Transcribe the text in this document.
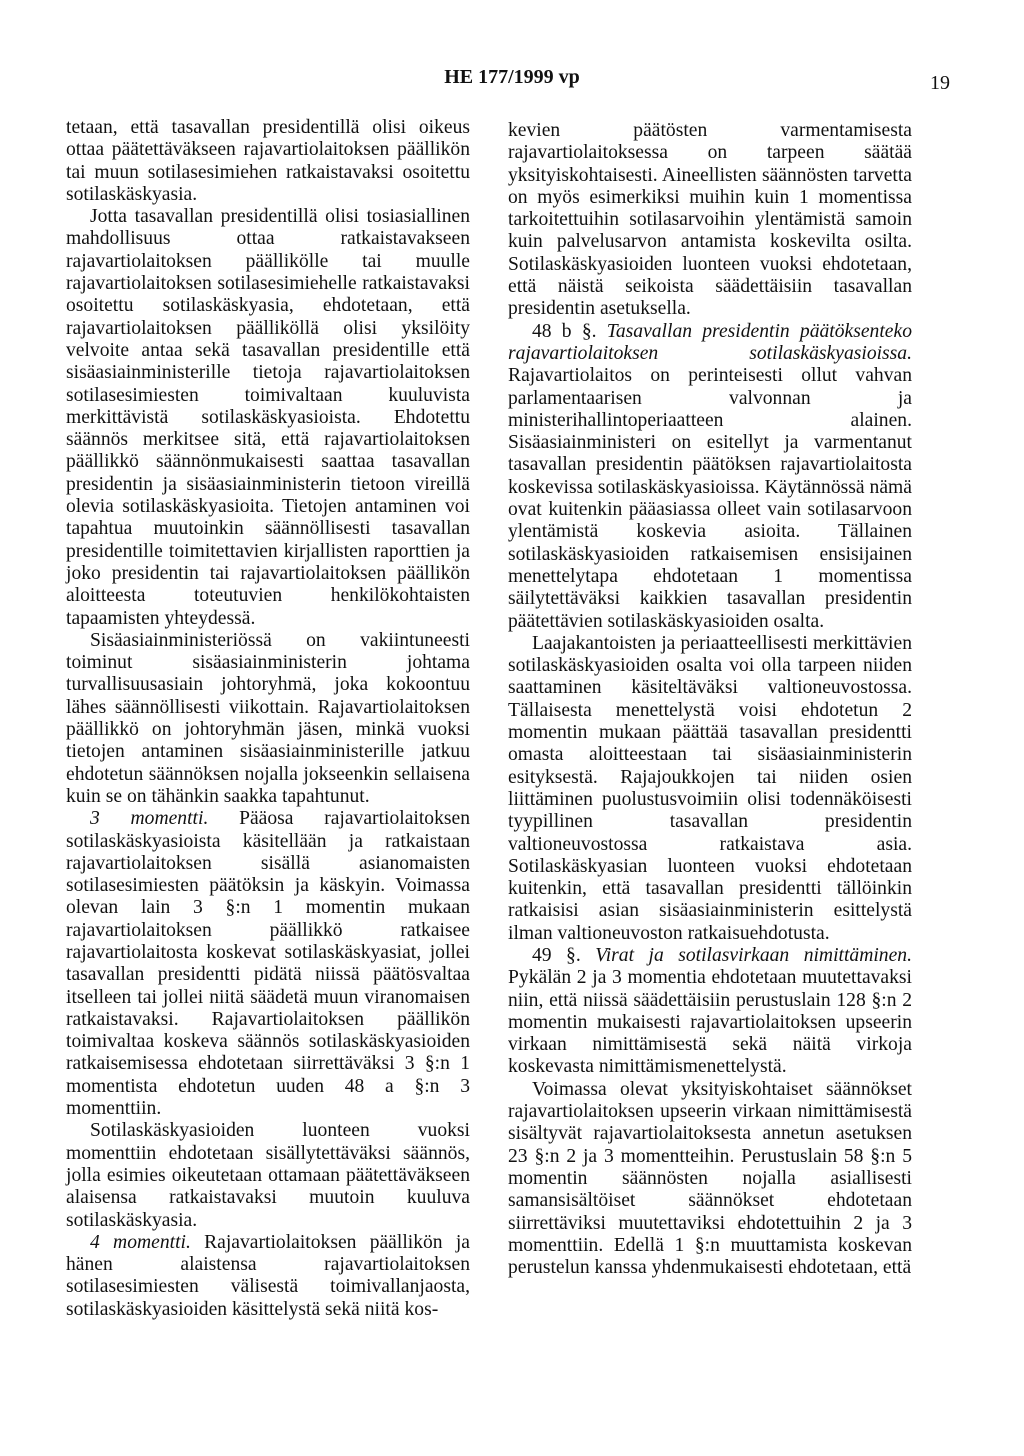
HE 177/1999 vp	19

tetaan, että tasavallan presidentillä olisi oikeus ottaa päätettäväkseen rajavartiolaitoksen päällikön tai muun sotilasesimiehen ratkaistavaksi osoitettu sotilaskäskyasia.

Jotta tasavallan presidentillä olisi tosiasiallinen mahdollisuus ottaa ratkaistavakseen rajavartiolaitoksen päällikölle tai muulle rajavartiolaitoksen sotilasesimiehelle ratkaistavaksi osoitettu sotilaskäskyasia, ehdotetaan, että rajavartiolaitoksen päälliköllä olisi yksilöity velvoite antaa sekä tasavallan presidentille että sisäasiainministerille tietoja rajavartiolaitoksen sotilasesimiesten toimivaltaan kuuluvista merkittävistä sotilaskäskyasioista. Ehdotettu säännös merkitsee sitä, että rajavartiolaitoksen päällikkö säännönmukaisesti saattaa tasavallan presidentin ja sisäasiainministerin tietoon vireillä olevia sotilaskäskyasioita. Tietojen antaminen voi tapahtua muutoinkin säännöllisesti tasavallan presidentille toimitettavien kirjallisten raporttien ja joko presidentin tai rajavartiolaitoksen päällikön aloitteesta toteutuvien henkilökohtaisten tapaamisten yhteydessä.

Sisäasiainministeriössä on vakiintuneesti toiminut sisäasiainministerin johtama turvallisuusasiain johtoryhmä, joka kokoontuu lähes säännöllisesti viikottain. Rajavartiolaitoksen päällikkö on johtoryhmän jäsen, minkä vuoksi tietojen antaminen sisäasiainministerille jatkuu ehdotetun säännöksen nojalla jokseenkin sellaisena kuin se on tähänkin saakka tapahtunut.

3 momentti. Pääosa rajavartiolaitoksen sotilaskäskyasioista käsitellään ja ratkaistaan rajavartiolaitoksen sisällä asianomaisten sotilasesimiesten päätöksin ja käskyin. Voimassa olevan lain 3 §:n 1 momentin mukaan rajavartiolaitoksen päällikkö ratkaisee rajavartiolaitosta koskevat sotilaskäskyasiat, jollei tasavallan presidentti pidätä niissä päätösvaltaa itselleen tai jollei niitä säädetä muun viranomaisen ratkaistavaksi. Rajavartiolaitoksen päällikön toimivaltaa koskeva säännös sotilaskäskyasioiden ratkaisemisessa ehdotetaan siirrettäväksi 3 §:n 1 momentista ehdotetun uuden 48 a §:n 3 momenttiin.

Sotilaskäskyasioiden luonteen vuoksi momenttiin ehdotetaan sisällytettäväksi säännös, jolla esimies oikeutetaan ottamaan päätettäväkseen alaisensa ratkaistavaksi muutoin kuuluva sotilaskäskyasia.

4 momentti. Rajavartiolaitoksen päällikön ja hänen alaistensa rajavartiolaitoksen sotilasesimiesten välisestä toimivallanjaosta, sotilaskäskyasioiden käsittelystä sekä niitä kos-

kevien päätösten varmentamisesta rajavartiolaitoksessa on tarpeen säätää yksityiskohtaisesti. Aineellisten säännösten tarvetta on myös esimerkiksi muihin kuin 1 momentissa tarkoitettuihin sotilasarvoihin ylentämistä samoin kuin palvelusarvon antamista koskevilta osilta. Sotilaskäskyasioiden luonteen vuoksi ehdotetaan, että näistä seikoista säädettäisiin tasavallan presidentin asetuksella.

48 b §. Tasavallan presidentin päätöksenteko rajavartiolaitoksen sotilaskäskyasioissa. Rajavartiolaitos on perinteisesti ollut vahvan parlamentaarisen valvonnan ja ministerihallintoperiaatteen alainen. Sisäasiainministeri on esitellyt ja varmentanut tasavallan presidentin päätöksen rajavartiolaitosta koskevissa sotilaskäskyasioissa. Käytännössä nämä ovat kuitenkin pääasiassa olleet vain sotilasarvoon ylentämistä koskevia asioita. Tällainen sotilaskäskyasioiden ratkaisemisen ensisijainen menettelytapa ehdotetaan 1 momentissa säilytettäväksi kaikkien tasavallan presidentin päätettävien sotilaskäskyasioiden osalta.

Laajakantoisten ja periaatteellisesti merkittävien sotilaskäskyasioiden osalta voi olla tarpeen niiden saattaminen käsiteltäväksi valtioneuvostossa. Tällaisesta menettelystä voisi ehdotetun 2 momentin mukaan päättää tasavallan presidentti omasta aloitteestaan tai sisäasiainministerin esityksestä. Rajajoukkojen tai niiden osien liittäminen puolustusvoimiin olisi todennäköisesti tyypillinen tasavallan presidentin valtioneuvostossa ratkaistava asia. Sotilaskäskyasian luonteen vuoksi ehdotetaan kuitenkin, että tasavallan presidentti tällöinkin ratkaisisi asian sisäasiainministerin esittelystä ilman valtioneuvoston ratkaisuehdotusta.

49 §. Virat ja sotilasvirkaan nimittäminen. Pykälän 2 ja 3 momentia ehdotetaan muutettavaksi niin, että niissä säädettäisiin perustuslain 128 §:n 2 momentin mukaisesti rajavartiolaitoksen upseerin virkaan nimittämisestä sekä näitä virkoja koskevasta nimittämismenettelystä.

Voimassa olevat yksityiskohtaiset säännökset rajavartiolaitoksen upseerin virkaan nimittämisestä sisältyvät rajavartiolaitoksesta annetun asetuksen 23 §:n 2 ja 3 momentteihin. Perustuslain 58 §:n 5 momentin säännösten nojalla asiallisesti samansisältöiset säännökset ehdotetaan siirrettäviksi muutettaviksi ehdotettuihin 2 ja 3 momenttiin. Edellä 1 §:n muuttamista koskevan perustelun kanssa yhdenmukaisesti ehdotetaan, että
